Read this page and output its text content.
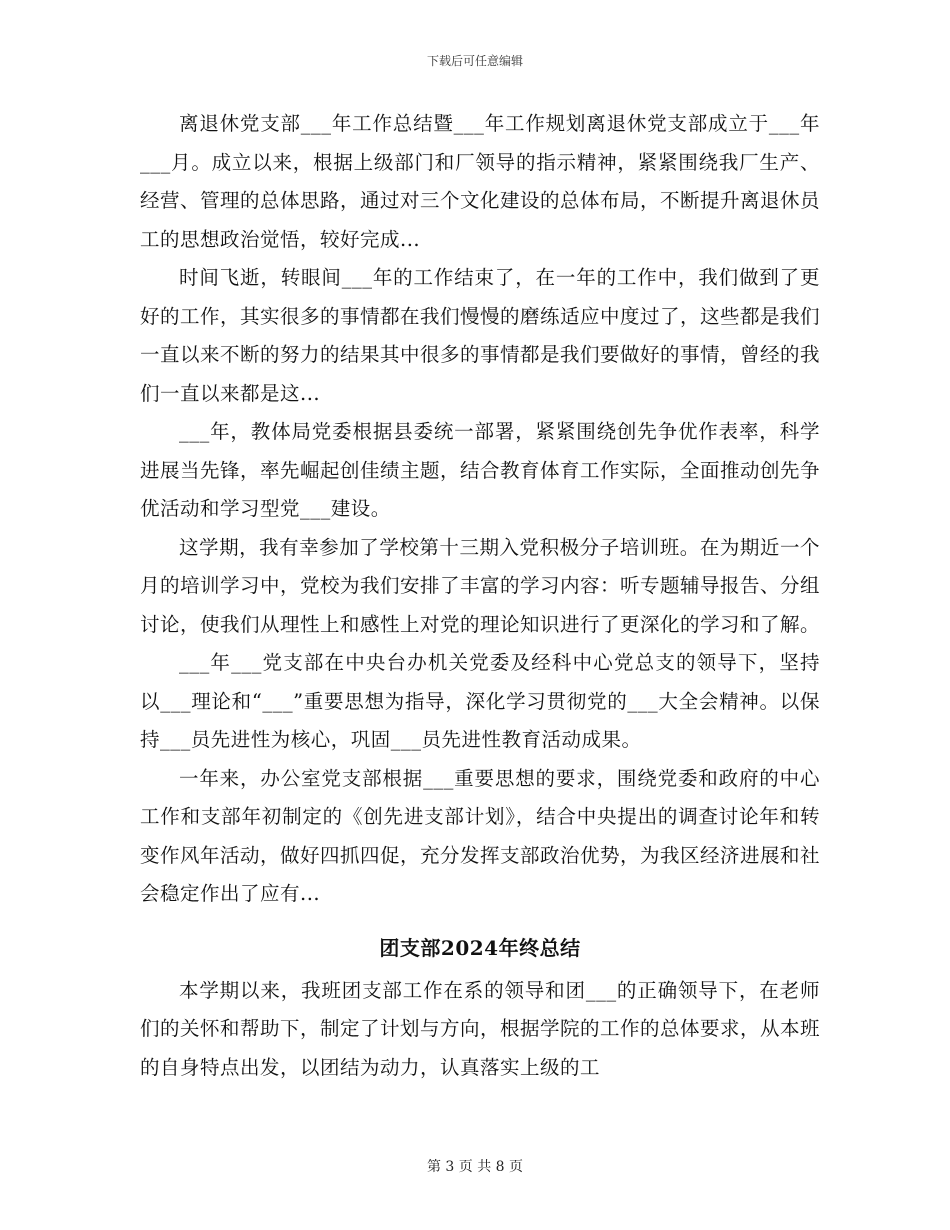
下载后可任意编辑

离退休党支部___年工作总结暨___年工作规划离退休党支部成立于___年___月。成立以来，根据上级部门和厂领导的指示精神，紧紧围绕我厂生产、经营、管理的总体思路，通过对三个文化建设的总体布局，不断提升离退休员工的思想政治觉悟，较好完成...

时间飞逝，转眼间___年的工作结束了，在一年的工作中，我们做到了更好的工作，其实很多的事情都在我们慢慢的磨练适应中度过了，这些都是我们一直以来不断的努力的结果其中很多的事情都是我们要做好的事情，曾经的我们一直以来都是这...

___年，教体局党委根据县委统一部署，紧紧围绕创先争优作表率，科学进展当先锋，率先崛起创佳绩主题，结合教育体育工作实际，全面推动创先争优活动和学习型党___建设。

这学期，我有幸参加了学校第十三期入党积极分子培训班。在为期近一个月的培训学习中，党校为我们安排了丰富的学习内容：听专题辅导报告、分组讨论，使我们从理性上和感性上对党的理论知识进行了更深化的学习和了解。

___年___党支部在中央台办机关党委及经科中心党总支的领导下，坚持以___理论和“___”重要思想为指导，深化学习贯彻党的___大全会精神。以保持___员先进性为核心，巩固___员先进性教育活动成果。

一年来，办公室党支部根据___重要思想的要求，围绕党委和政府的中心工作和支部年初制定的《创先进支部计划》，结合中央提出的调查讨论年和转变作风年活动，做好四抓四促，充分发挥支部政治优势，为我区经济进展和社会稳定作出了应有...

团支部2024年终总结

本学期以来，我班团支部工作在系的领导和团___的正确领导下，在老师们的关怀和帮助下，制定了计划与方向，根据学院的工作的总体要求，从本班的自身特点出发，以团结为动力，认真落实上级的工

第 3 页 共 8 页
